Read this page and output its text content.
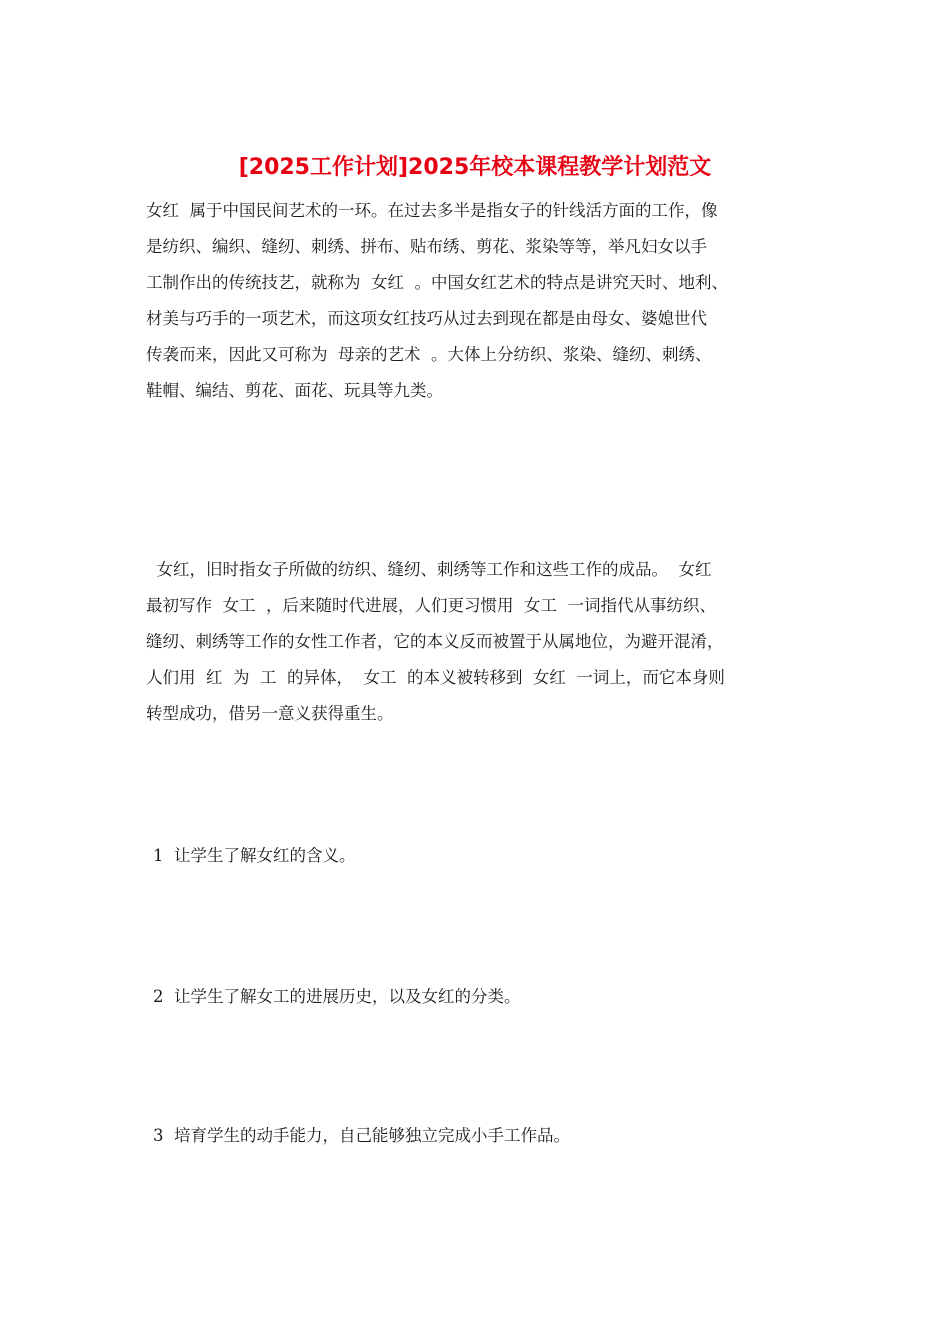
[2025工作计划]2025年校本课程教学计划范文
女红  属于中国民间艺术的一环。在过去多半是指女子的针线活方面的工作，像
是纺织、编织、缝纫、刺绣、拼布、贴布绣、剪花、浆染等等，举凡妇女以手
工制作出的传统技艺，就称为  女红  。中国女红艺术的特点是讲究天时、地利、
材美与巧手的一项艺术，而这项女红技巧从过去到现在都是由母女、婆媳世代
传袭而来，因此又可称为  母亲的艺术  。大体上分纺织、浆染、缝纫、刺绣、
鞋帽、编结、剪花、面花、玩具等九类。
女红，旧时指女子所做的纺织、缝纫、刺绣等工作和这些工作的成品。  女红
最初写作  女工  ，后来随时代进展，人们更习惯用  女工  一词指代从事纺织、
缝纫、刺绣等工作的女性工作者，它的本义反而被置于从属地位，为避开混淆，
人们用  红  为  工  的异体，  女工  的本义被转移到  女红  一词上，而它本身则
转型成功，借另一意义获得重生。
1  让学生了解女红的含义。
2  让学生了解女工的进展历史，以及女红的分类。
3  培育学生的动手能力，自己能够独立完成小手工作品。
